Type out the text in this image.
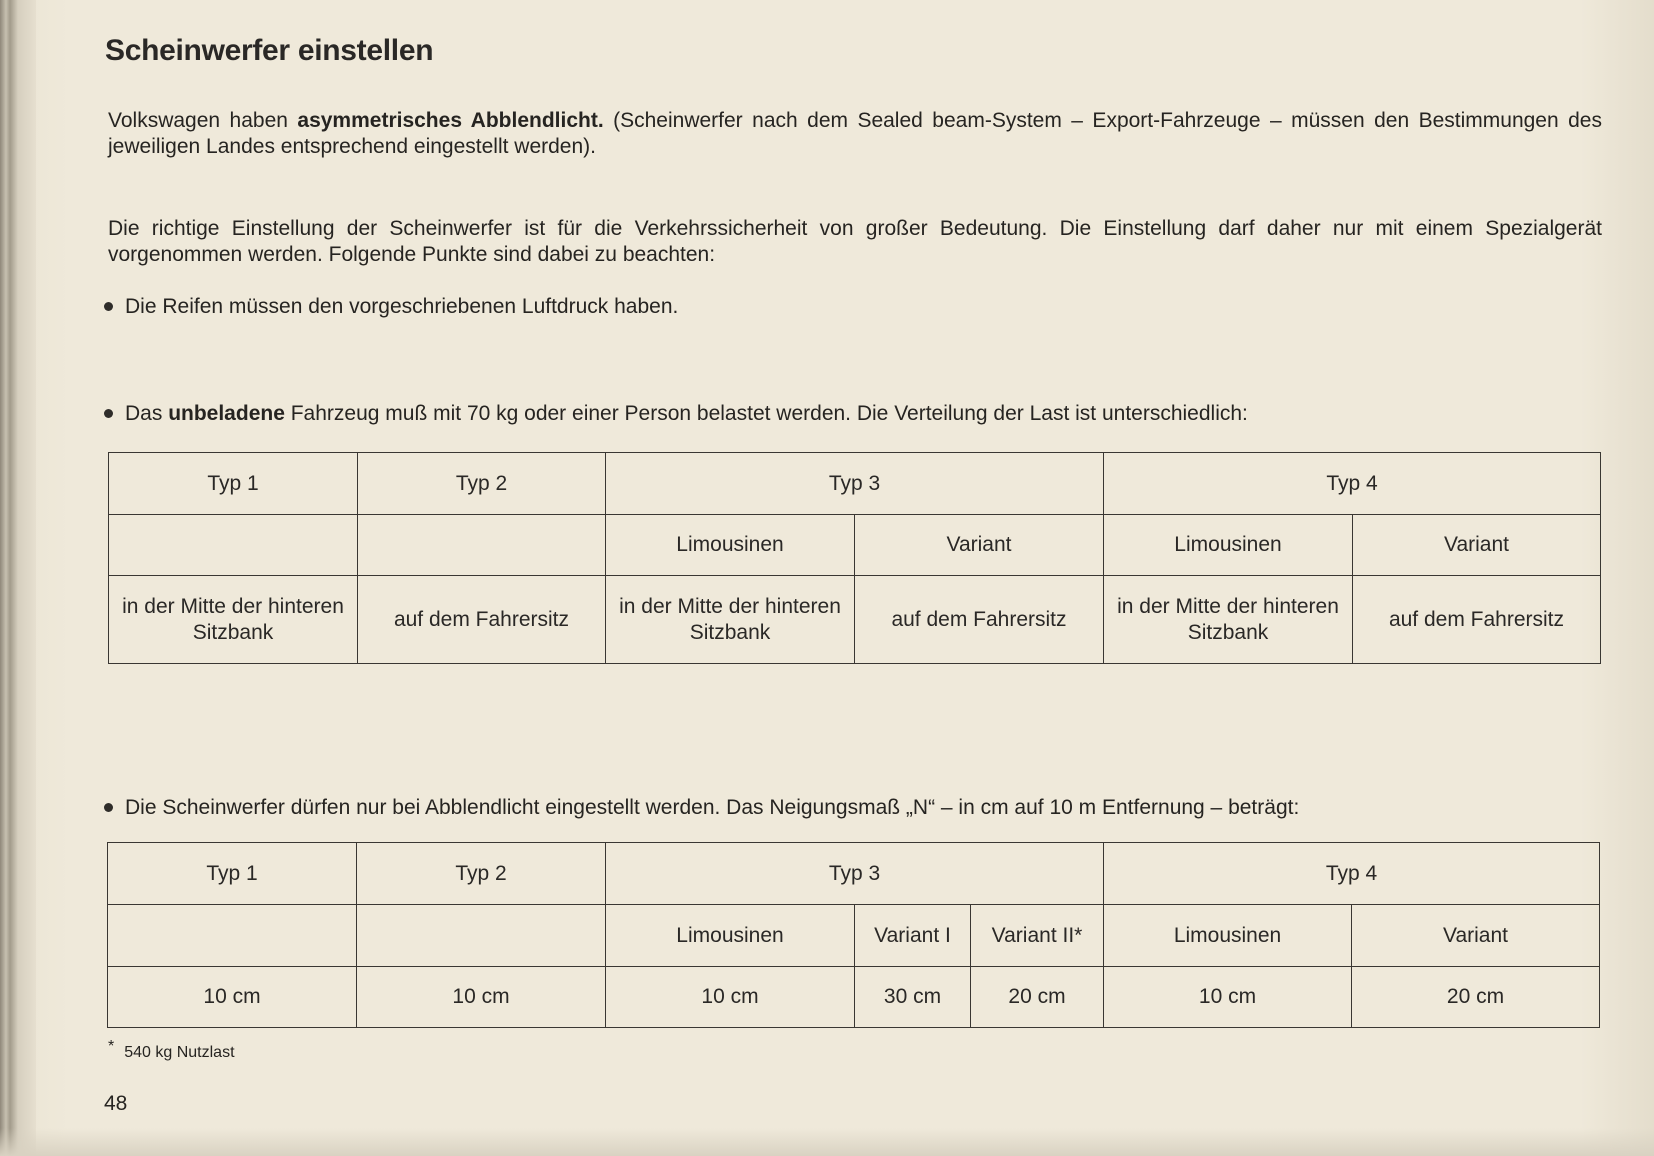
Scheinwerfer einstellen
Volkswagen haben asymmetrisches Abblendlicht. (Scheinwerfer nach dem Sealed beam-System – Export-Fahrzeuge – müssen den Bestimmungen des jeweiligen Landes entsprechend eingestellt werden).
Die richtige Einstellung der Scheinwerfer ist für die Verkehrssicherheit von großer Bedeutung. Die Einstellung darf daher nur mit einem Spezialgerät vorgenommen werden. Folgende Punkte sind dabei zu beachten:
Die Reifen müssen den vorgeschriebenen Luftdruck haben.
Das unbeladene Fahrzeug muß mit 70 kg oder einer Person belastet werden. Die Verteilung der Last ist unterschiedlich:
Typ 1	Typ 2	Typ 3		Typ 4	
		Limousinen	Variant	Limousinen	Variant
in der Mitte der hinteren Sitzbank	auf dem Fahrersitz	in der Mitte der hinteren Sitzbank	auf dem Fahrersitz	in der Mitte der hinteren Sitzbank	auf dem Fahrersitz
Die Scheinwerfer dürfen nur bei Abblendlicht eingestellt werden. Das Neigungsmaß „N“ – in cm auf 10 m Entfernung – beträgt:
Typ 1	Typ 2	Typ 3			Typ 4	
		Limousinen	Variant I	Variant II*	Limousinen	Variant
10 cm	10 cm	10 cm	30 cm	20 cm	10 cm	20 cm
* 540 kg Nutzlast
48
